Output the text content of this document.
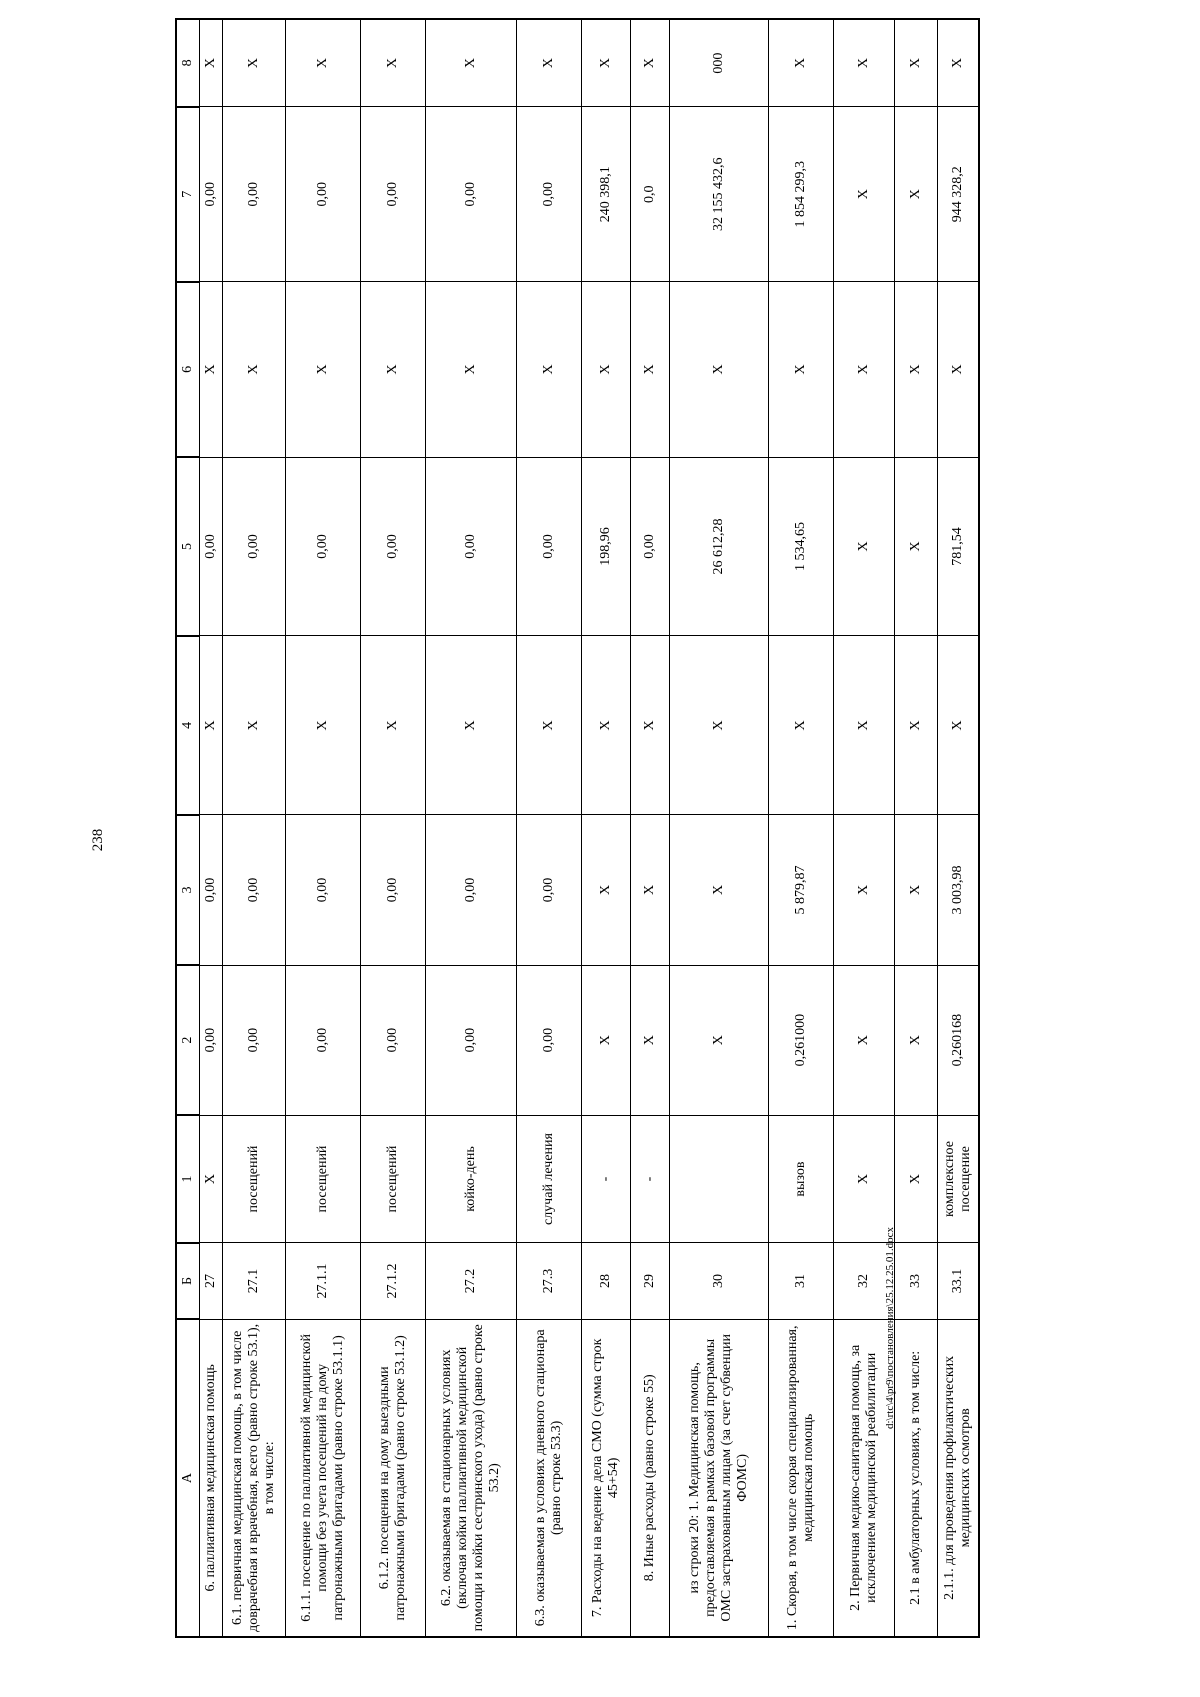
238
d:\rtc\4\pr9\постановления\25.12.25.01.docx
А	Б	1	2	3	4	5	6	7	8
6. паллиативная медицинская помощь	27	Х	0,00	0,00	Х	0,00	Х	0,00	Х
6.1. первичная медицинская помощь, в том числе доврачебная и врачебная, всего (равно строке 53.1), в том числе:	27.1	посещений	0,00	0,00	Х	0,00	Х	0,00	Х
6.1.1. посещение по паллиативной медицинской помощи без учета посещений на дому патронажными бригадами (равно строке 53.1.1)	27.1.1	посещений	0,00	0,00	Х	0,00	Х	0,00	Х
6.1.2. посещения на дому выездными патронажными бригадами (равно строке 53.1.2)	27.1.2	посещений	0,00	0,00	Х	0,00	Х	0,00	Х
6.2. оказываемая в стационарных условиях (включая койки паллиативной медицинской помощи и койки сестринского ухода) (равно строке 53.2)	27.2	койко-день	0,00	0,00	Х	0,00	Х	0,00	Х
6.3. оказываемая в условиях дневного стационара (равно строке 53.3)	27.3	случай лечения	0,00	0,00	Х	0,00	Х	0,00	Х
7. Расходы на ведение дела СМО (сумма строк 45+54)	28	-	Х	Х	Х	198,96	Х	240 398,1	Х
8. Иные расходы (равно строке 55)	29	-	Х	Х	Х	0,00	Х	0,0	Х
из строки 20: 1. Медицинская помощь, предоставляемая в рамках базовой программы ОМС застрахованным лицам (за счет субвенции ФОМС)	30		Х	Х	Х	26 612,28	Х	32 155 432,6	000
1. Скорая, в том числе скорая специализированная, медицинская помощь	31	вызов	0,261000	5 879,87	Х	1 534,65	Х	1 854 299,3	Х
2. Первичная медико-санитарная помощь, за исключением медицинской реабилитации	32	Х	Х	Х	Х	Х	Х	Х	Х
2.1 в амбулаторных условиях, в том числе:	33	Х	Х	Х	Х	Х	Х	Х	Х
2.1.1. для проведения профилактических медицинских осмотров	33.1	комплексное посещение	0,260168	3 003,98	Х	781,54	Х	944 328,2	Х
